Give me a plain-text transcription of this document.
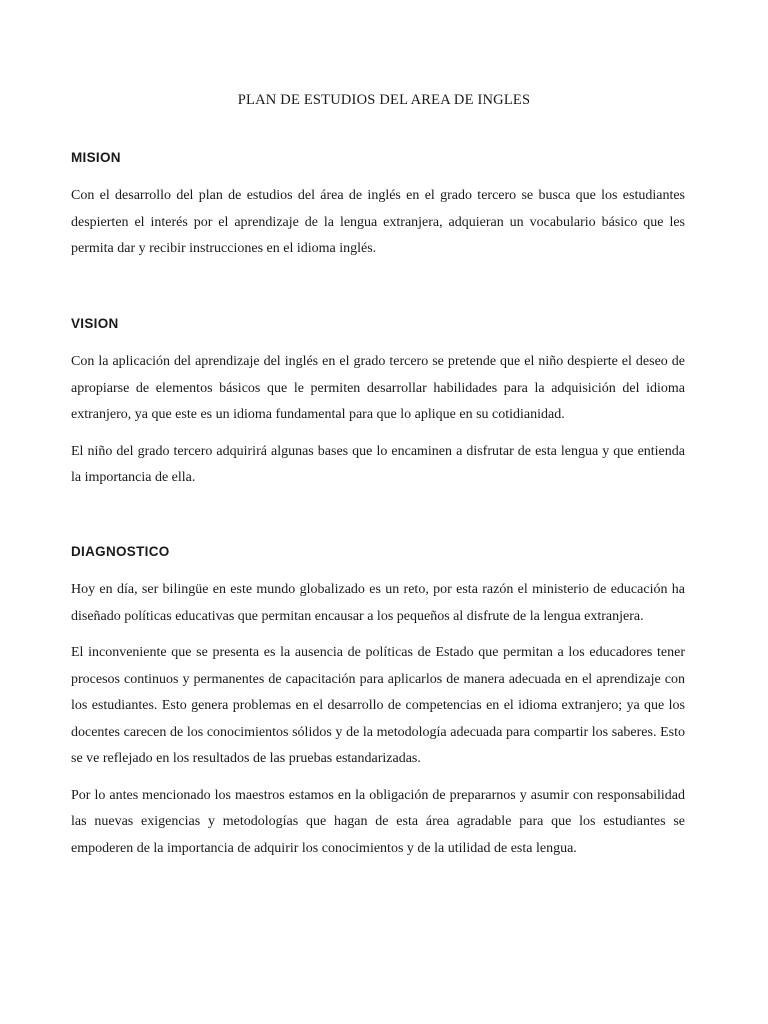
PLAN DE ESTUDIOS DEL AREA DE INGLES
MISION

Con el desarrollo del plan de estudios del área de inglés en el grado tercero se busca que los estudiantes despierten el interés por el aprendizaje de la lengua extranjera, adquieran un vocabulario básico que les permita dar y recibir instrucciones en el idioma inglés.

VISION

Con la aplicación del aprendizaje del inglés en el grado tercero se pretende que el niño despierte el deseo de apropiarse de elementos básicos que le permiten desarrollar habilidades para la adquisición del idioma extranjero, ya que este es un idioma fundamental para que lo aplique en su cotidianidad.

El niño del grado tercero adquirirá algunas bases que lo encaminen a disfrutar de esta lengua y que entienda la importancia de ella.

DIAGNOSTICO

Hoy en día, ser bilingüe en este mundo globalizado es un reto, por esta razón el ministerio de educación ha diseñado políticas educativas que permitan encausar a los pequeños al disfrute de la lengua extranjera.

El inconveniente que se presenta es la ausencia de políticas de Estado que permitan a los educadores tener procesos continuos y permanentes de capacitación para aplicarlos de manera adecuada en el aprendizaje con los estudiantes. Esto genera problemas en el desarrollo de competencias en el idioma extranjero; ya que los docentes carecen de los conocimientos sólidos y de la metodología adecuada para compartir los saberes. Esto se ve reflejado en los resultados de las pruebas estandarizadas.

Por lo antes mencionado los maestros estamos en la obligación de prepararnos y asumir con responsabilidad las nuevas exigencias y metodologías que hagan de esta área agradable para que los estudiantes se empoderen de la importancia de adquirir los conocimientos y de la utilidad de esta lengua.
